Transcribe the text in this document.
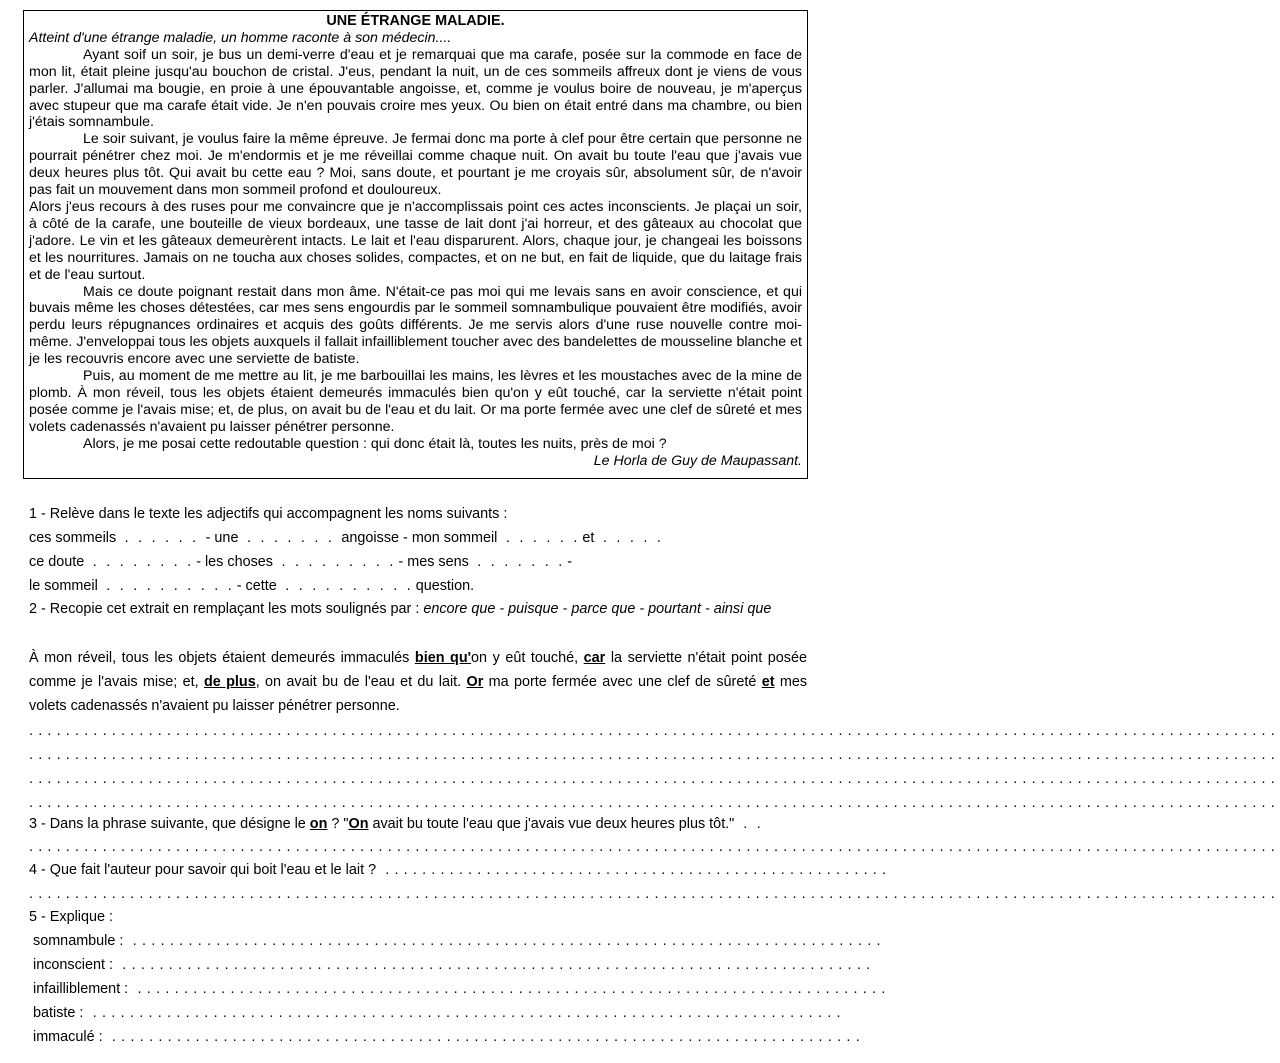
UNE ÉTRANGE MALADIE.

Atteint d'une étrange maladie, un homme raconte à son médecin....

Ayant soif un soir, je bus un demi-verre d'eau et je remarquai que ma carafe, posée sur la commode en face de mon lit, était pleine jusqu'au bouchon de cristal. J'eus, pendant la nuit, un de ces sommeils affreux dont je viens de vous parler. J'allumai ma bougie, en proie à une épouvantable angoisse, et, comme je voulus boire de nouveau, je m'aperçus avec stupeur que ma carafe était vide. Je n'en pouvais croire mes yeux. Ou bien on était entré dans ma chambre, ou bien j'étais somnambule.

Le soir suivant, je voulus faire la même épreuve. Je fermai donc ma porte à clef pour être certain que personne ne pourrait pénétrer chez moi. Je m'endormis et je me réveillai comme chaque nuit. On avait bu toute l'eau que j'avais vue deux heures plus tôt. Qui avait bu cette eau ? Moi, sans doute, et pourtant je me croyais sûr, absolument sûr, de n'avoir pas fait un mouvement dans mon sommeil profond et douloureux.

Alors j'eus recours à des ruses pour me convaincre que je n'accomplissais point ces actes inconscients. Je plaçai un soir, à côté de la carafe, une bouteille de vieux bordeaux, une tasse de lait dont j'ai horreur, et des gâteaux au chocolat que j'adore. Le vin et les gâteaux demeurèrent intacts. Le lait et l'eau disparurent. Alors, chaque jour, je changeai les boissons et les nourritures. Jamais on ne toucha aux choses solides, compactes, et on ne but, en fait de liquide, que du laitage frais et de l'eau surtout.

Mais ce doute poignant restait dans mon âme. N'était-ce pas moi qui me levais sans en avoir conscience, et qui buvais même les choses détestées, car mes sens engourdis par le sommeil somnambulique pouvaient être modifiés, avoir perdu leurs répugnances ordinaires et acquis des goûts différents. Je me servis alors d'une ruse nouvelle contre moi-même. J'enveloppai tous les objets auxquels il fallait infailliblement toucher avec des bandelettes de mousseline blanche et je les recouvris encore avec une serviette de batiste.

Puis, au moment de me mettre au lit, je me barbouillai les mains, les lèvres et les moustaches avec de la mine de plomb. À mon réveil, tous les objets étaient demeurés immaculés bien qu'on y eût touché, car la serviette n'était point posée comme je l'avais mise; et, de plus, on avait bu de l'eau et du lait. Or ma porte fermée avec une clef de sûreté et mes volets cadenassés n'avaient pu laisser pénétrer personne.

Alors, je me posai cette redoutable question : qui donc était là, toutes les nuits, près de moi ?

Le Horla de Guy de Maupassant.

1 - Relève dans le texte les adjectifs qui accompagnent les noms suivants :
ces sommeils  .  .  .  .  .  .  - une  .  .  .  .  .  .  .  angoisse - mon sommeil  .  .  .  .  .  . et  .  .  .  .  .
ce doute  .  .  .  .  .  .  .  . - les choses  .  .  .  .  .  .  .  .  . - mes sens  .  .  .  .  .  .  . -
le sommeil  .  .  .  .  .  .  .  .  .  . - cette  .  .  .  .  .  .  .  .  .  . question.
2 - Recopie cet extrait en remplaçant les mots soulignés par : encore que - puisque - parce que - pourtant - ainsi que
À mon réveil, tous les objets étaient demeurés immaculés bien qu'on y eût touché, car la serviette n'était point posée comme je l'avais mise; et, de plus, on avait bu de l'eau et du lait. Or ma porte fermée avec une clef de sûreté et mes volets cadenassés n'avaient pu laisser pénétrer personne.
........................................................................................................................................
........................................................................................................................................
........................................................................................................................................
........................................................................................................................................
3 - Dans la phrase suivante, que désigne le on ? "On avait bu toute l'eau que j'avais vue deux heures plus tôt."  .  .
........................................................................................................................................
4 - Que fait l'auteur pour savoir qui boit l'eau et le lait ? .......................................................
........................................................................................................................................
5 - Explique :
somnambule : .................................................................................
inconscient : .................................................................................
infailliblement : .................................................................................
batiste : .................................................................................
immaculé : .................................................................................
